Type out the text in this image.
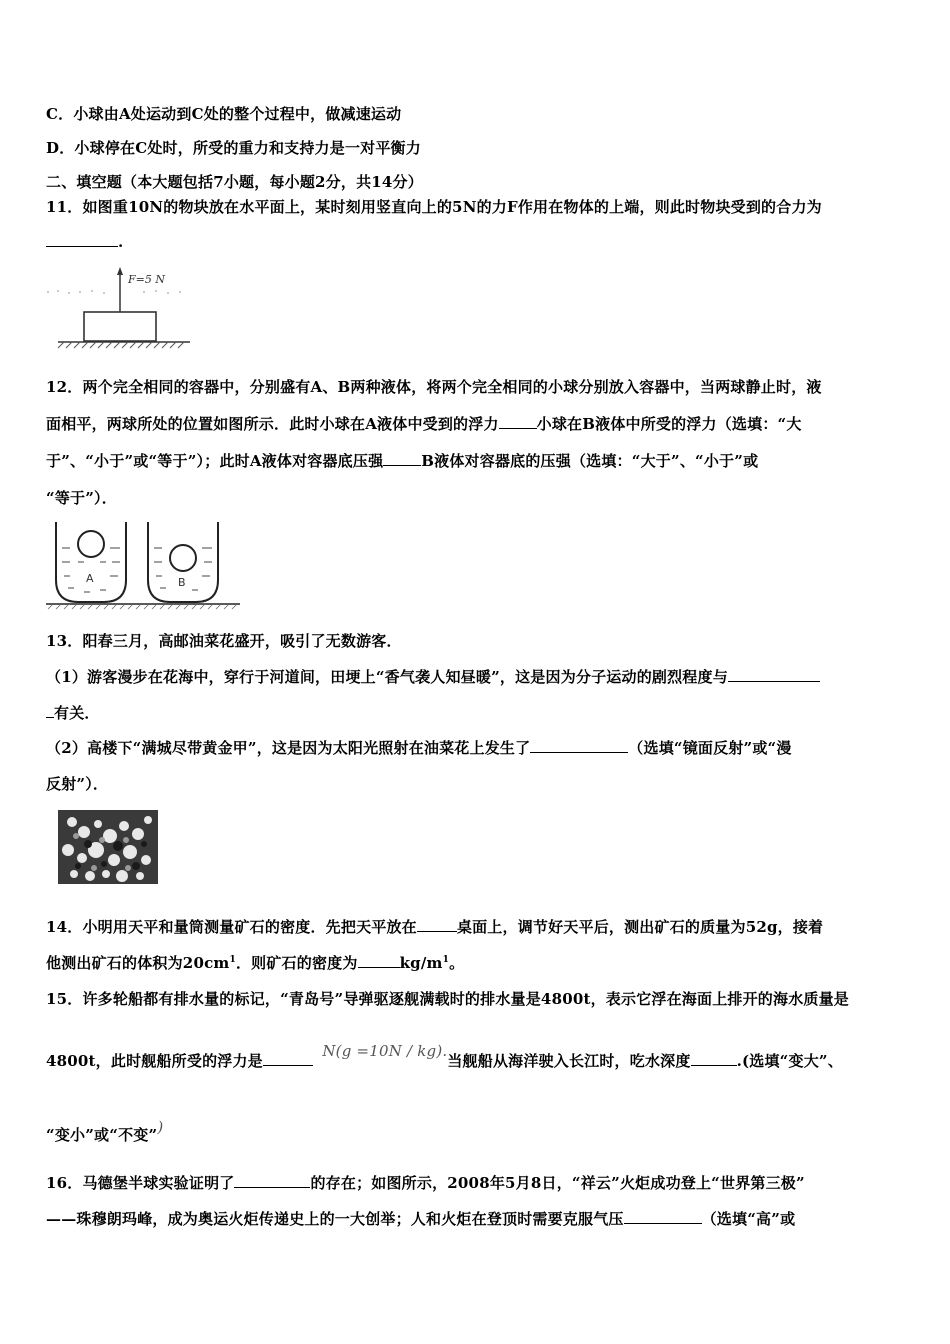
C．小球由A处运动到C处的整个过程中，做减速运动
D．小球停在C处时，所受的重力和支持力是一对平衡力
二、填空题（本大题包括7小题，每小题2分，共14分）
11．如图重10N的物块放在水平面上，某时刻用竖直向上的5N的力F作用在物体的上端，则此时物块受到的合力为
.
F=5 N
12．两个完全相同的容器中，分别盛有A、B两种液体，将两个完全相同的小球分别放入容器中，当两球静止时，液
面相平，两球所处的位置如图所示．此时小球在A液体中受到的浮力	小球在B液体中所受的浮力（选填：“大
于”、“小于”或“等于”）；此时A液体对容器底压强	B液体对容器底的压强（选填：“大于”、“小于”或
“等于”）．
A	B
13．阳春三月，高邮油菜花盛开，吸引了无数游客．
（1）游客漫步在花海中，穿行于河道间，田埂上“香气袭人知昼暖”，这是因为分子运动的剧烈程度与
有关．
（2）高楼下“满城尽带黄金甲”，这是因为太阳光照射在油菜花上发生了	（选填“镜面反射”或“漫
反射”）．
14．小明用天平和量筒测量矿石的密度．先把天平放在	桌面上，调节好天平后，测出矿石的质量为52g，接着
他测出矿石的体积为$20cm^1$．则矿石的密度为	$kg/m^1$。
15．许多轮船都有排水量的标记，“青岛号”导弹驱逐舰满载时的排水量是4800t，表示它浮在海面上排开的海水质量是
4800t，此时舰船所受的浮力是 N(g =10N / kg).当舰船从海洋驶入长江时，吃水深度	.(选填“变大”、
“变小”或“不变”)
16．马德堡半球实验证明了	的存在；如图所示，2008年5月8日，“祥云”火炬成功登上“世界第三极”
——珠穆朗玛峰，成为奥运火炬传递史上的一大创举；人和火炬在登顶时需要克服气压	（选填“高”或
